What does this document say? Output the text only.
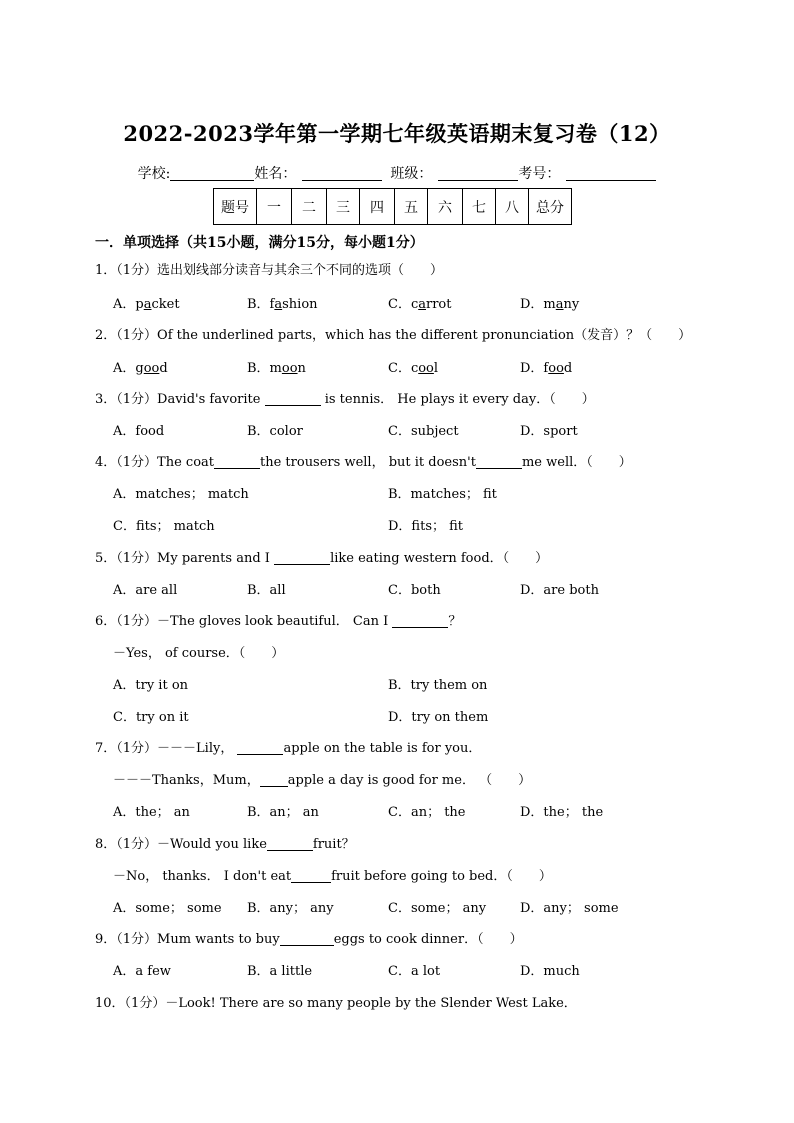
2022-2023学年第一学期七年级英语期末复习卷（12）
学校:	姓名：	班级：	考号：
题号	一	二	三	四	五	六	七	八	总分
一．单项选择（共15小题，满分15分，每小题1分）
1．（1分）选出划线部分读音与其余三个不同的选项（　　）
A．packet	B．fashion	C．carrot	D．many
2．（1分）Of the underlined parts，which has the different pronunciation（发音）？（　　）
A．good	B．moon	C．cool	D．food
3．（1分）David's favorite	is tennis． He plays it every day．（　　）
A．food	B．color	C．subject	D．sport
4．（1分）The coat	the trousers well， but it doesn't	me well．（　　）
A．matches； match	B．matches； fit
C．fits； match	D．fits； fit
5．（1分）My parents and I	like eating western food．（　　）
A．are all	B．all	C．both	D．are both
6．（1分）－The gloves look beautiful． Can I	？
－Yes， of course．（　　）
A．try it on	B．try them on
C．try on it	D．try on them
7．（1分）－－－Lily，	apple on the table is for you．
－－－Thanks，Mum， apple a day is good for me． （　　）
A．the； an	B．an； an	C．an； the	D．the； the
8．（1分）－Would you like	fruit？
－No， thanks． I don't eat	fruit before going to bed．（　　）
A．some； some B．any； any	C．some； any	D．any； some
9．（1分）Mum wants to buy	eggs to cook dinner．（　　）
A．a few	B．a little	C．a lot	D．much
10．（1分）－Look! There are so many people by the Slender West Lake．
